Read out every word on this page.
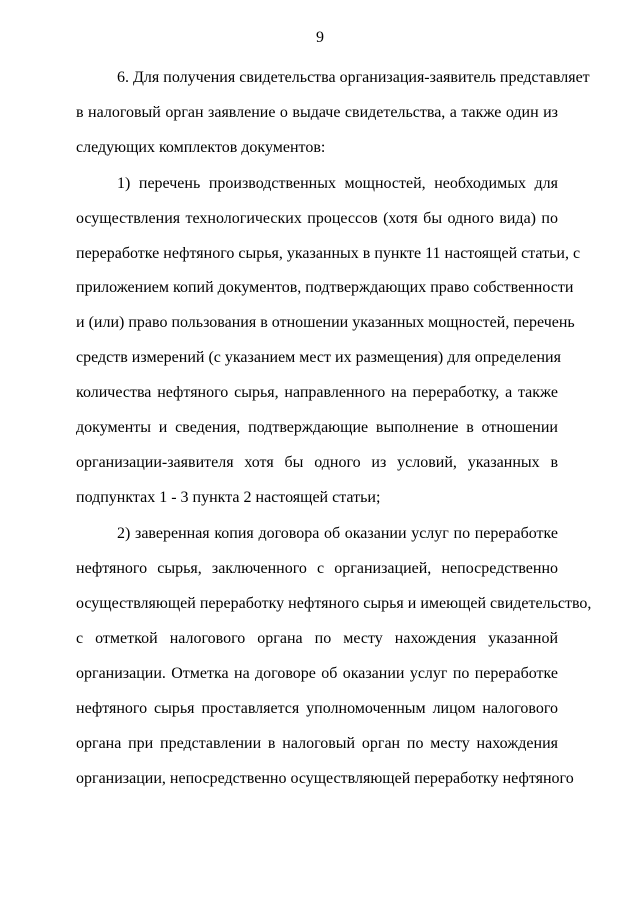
9
6. Для получения свидетельства организация-заявитель представляет
в налоговый орган заявление о выдаче свидетельства, а также один из
следующих комплектов документов:
1) перечень производственных мощностей, необходимых для
осуществления технологических процессов (хотя бы одного вида) по
переработке нефтяного сырья, указанных в пункте 11 настоящей статьи, с
приложением копий документов, подтверждающих право собственности
и (или) право пользования в отношении указанных мощностей, перечень
средств измерений (с указанием мест их размещения) для определения
количества нефтяного сырья, направленного на переработку, а также
документы и сведения, подтверждающие выполнение в отношении
организации-заявителя хотя бы одного из условий, указанных в
подпунктах 1 - 3 пункта 2 настоящей статьи;
2) заверенная копия договора об оказании услуг по переработке
нефтяного сырья, заключенного с организацией, непосредственно
осуществляющей переработку нефтяного сырья и имеющей свидетельство,
с отметкой налогового органа по месту нахождения указанной
организации. Отметка на договоре об оказании услуг по переработке
нефтяного сырья проставляется уполномоченным лицом налогового
органа при представлении в налоговый орган по месту нахождения
организации, непосредственно осуществляющей переработку нефтяного
